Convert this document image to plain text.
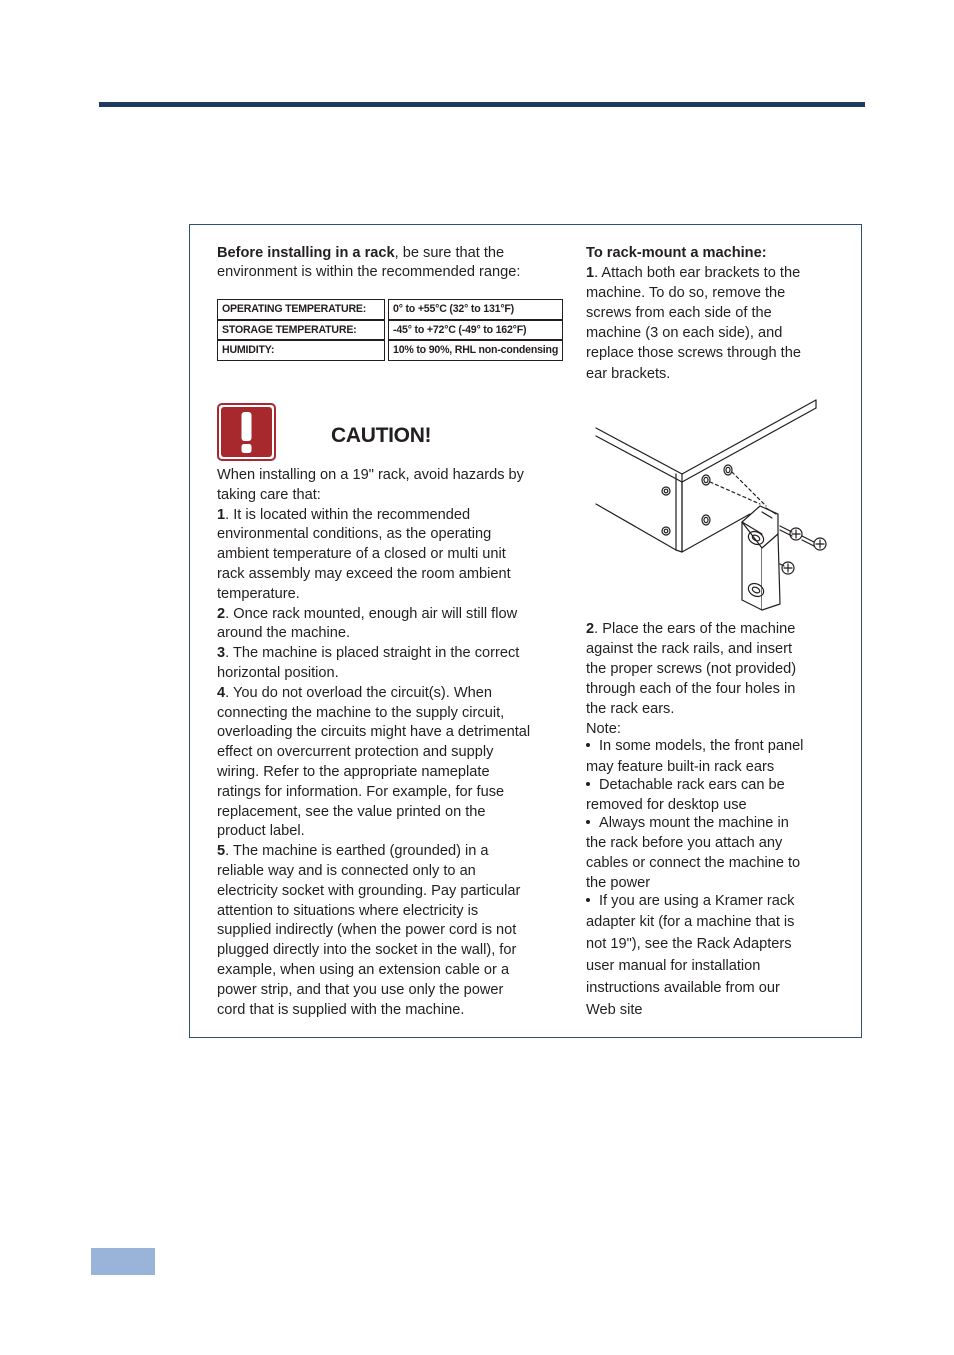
Before installing in a rack, be sure that the
environment is within the recommended range:
OPERATING TEMPERATURE:	0° to +55°C (32° to 131°F)
STORAGE TEMPERATURE:	-45° to +72°C (-49° to 162°F)
HUMIDITY:	10% to 90%, RHL non-condensing
CAUTION!
When installing on a 19" rack, avoid hazards by
taking care that:
1. It is located within the recommended
environmental conditions, as the operating
ambient temperature of a closed or multi unit
rack assembly may exceed the room ambient
temperature.
2. Once rack mounted, enough air will still flow
around the machine.
3. The machine is placed straight in the correct
horizontal position.
4. You do not overload the circuit(s). When
connecting the machine to the supply circuit,
overloading the circuits might have a detrimental
effect on overcurrent protection and supply
wiring. Refer to the appropriate nameplate
ratings for information. For example, for fuse
replacement, see the value printed on the
product label.
5. The machine is earthed (grounded) in a
reliable way and is connected only to an
electricity socket with grounding. Pay particular
attention to situations where electricity is
supplied indirectly (when the power cord is not
plugged directly into the socket in the wall), for
example, when using an extension cable or a
power strip, and that you use only the power
cord that is supplied with the machine.
To rack-mount a machine:
1. Attach both ear brackets to the
machine. To do so, remove the
screws from each side of the
machine (3 on each side), and
replace those screws through the
ear brackets.
2. Place the ears of the machine
against the rack rails, and insert
the proper screws (not provided)
through each of the four holes in
the rack ears.
Note:
In some models, the front panel
may feature built-in rack ears
Detachable rack ears can be
removed for desktop use
Always mount the machine in
the rack before you attach any
cables or connect the machine to
the power
If you are using a Kramer rack
adapter kit (for a machine that is
not 19"), see the Rack Adapters
user manual for installation
instructions available from our
Web site
